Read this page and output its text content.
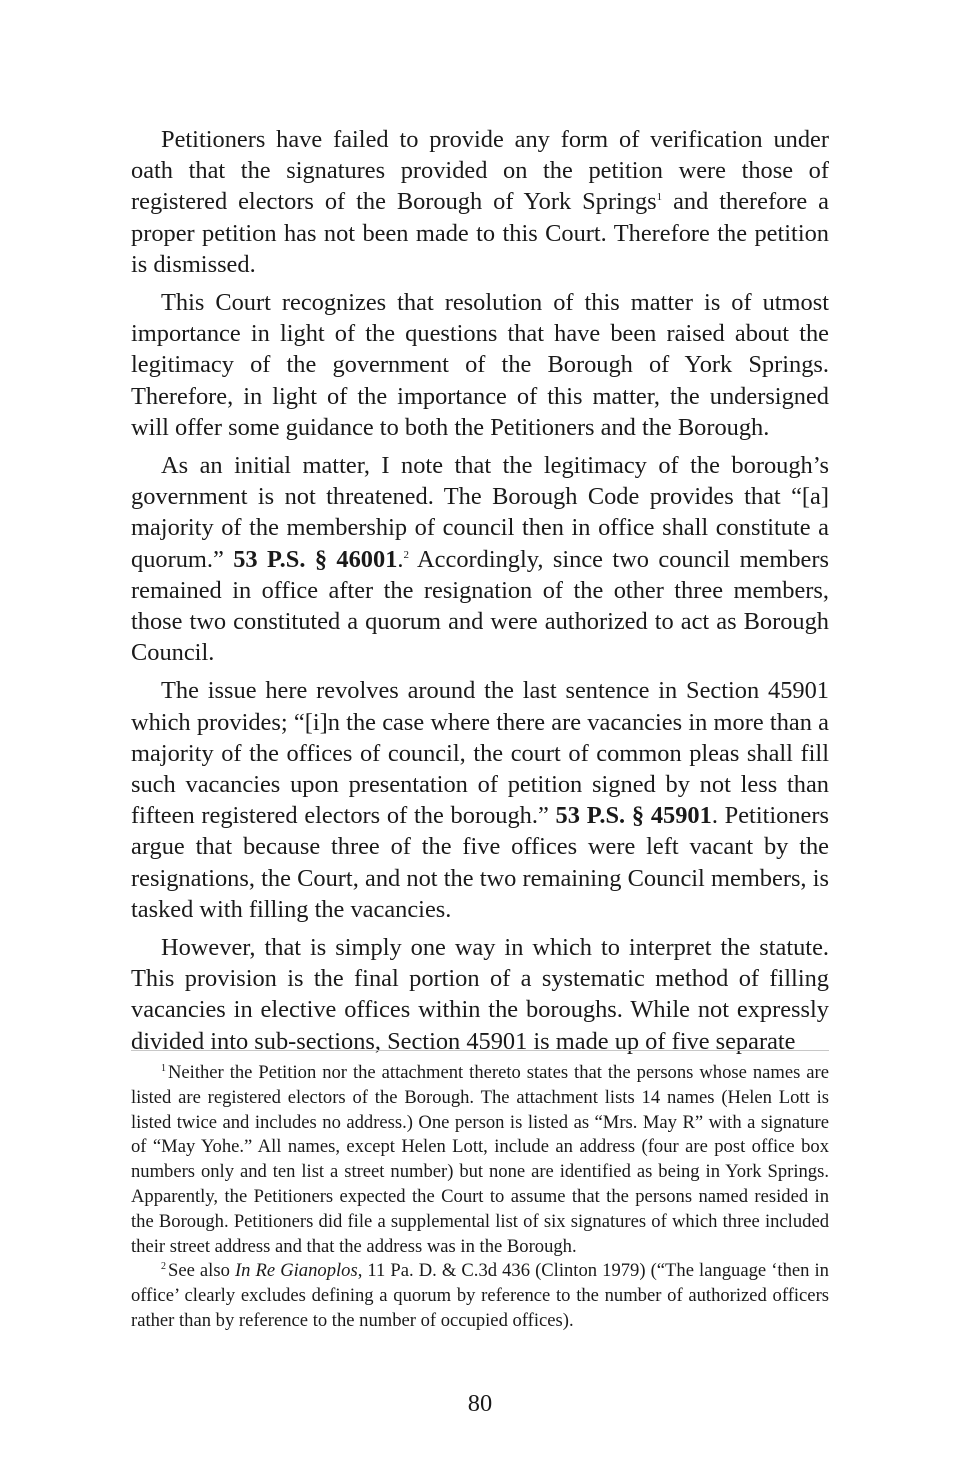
Petitioners have failed to provide any form of verification under oath that the signatures provided on the petition were those of registered electors of the Borough of York Springs$^1$ and therefore a proper petition has not been made to this Court. Therefore the petition is dismissed.

This Court recognizes that resolution of this matter is of utmost importance in light of the questions that have been raised about the legitimacy of the government of the Borough of York Springs. Therefore, in light of the importance of this matter, the undersigned will offer some guidance to both the Petitioners and the Borough.

As an initial matter, I note that the legitimacy of the borough’s government is not threatened. The Borough Code provides that “[a] majority of the membership of council then in office shall constitute a quorum.” 53 P.S. § 46001.$^2$ Accordingly, since two council members remained in office after the resignation of the other three members, those two constituted a quorum and were authorized to act as Borough Council.

The issue here revolves around the last sentence in Section 45901 which provides; “[i]n the case where there are vacancies in more than a majority of the offices of council, the court of common pleas shall fill such vacancies upon presentation of petition signed by not less than fifteen registered electors of the borough.” 53 P.S. § 45901. Petitioners argue that because three of the five offices were left vacant by the resignations, the Court, and not the two remaining Council members, is tasked with filling the vacancies.

However, that is simply one way in which to interpret the statute. This provision is the final portion of a systematic method of filling vacancies in elective offices within the boroughs. While not expressly divided into sub-sections, Section 45901 is made up of five separate

$^1$ Neither the Petition nor the attachment thereto states that the persons whose names are listed are registered electors of the Borough. The attachment lists 14 names (Helen Lott is listed twice and includes no address.) One person is listed as “Mrs. May R” with a signature of “May Yohe.” All names, except Helen Lott, include an address (four are post office box numbers only and ten list a street number) but none are identified as being in York Springs. Apparently, the Petitioners expected the Court to assume that the persons named resided in the Borough. Petitioners did file a supplemental list of six signatures of which three included their street address and that the address was in the Borough.

$^2$ See also In Re Gianoplos, 11 Pa. D. & C.3d 436 (Clinton 1979) (“The language ‘then in office’ clearly excludes defining a quorum by reference to the number of authorized officers rather than by reference to the number of occupied offices).

80
